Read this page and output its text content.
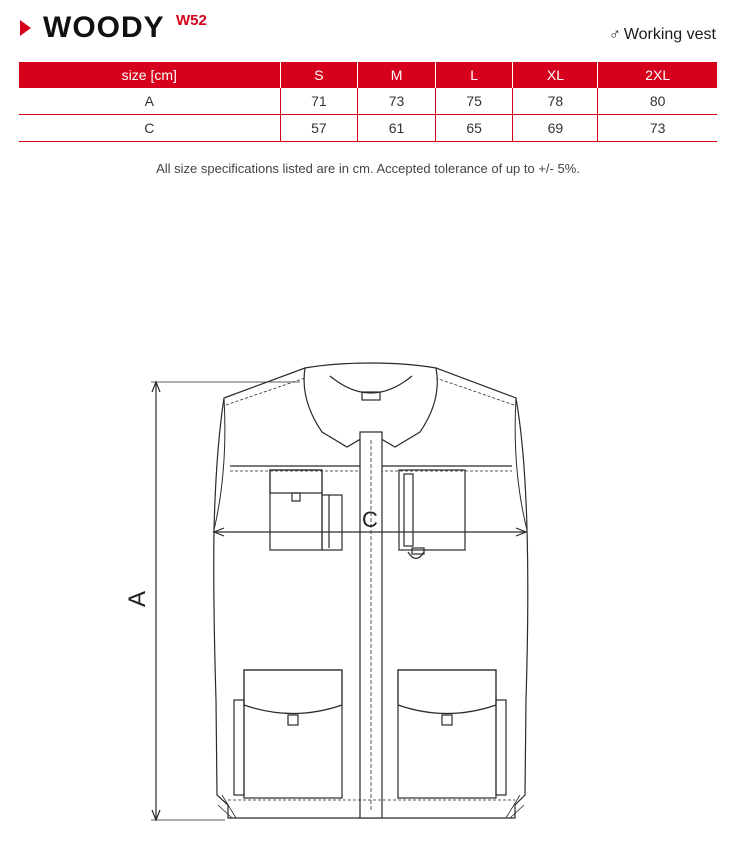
WOODY W52
♂ Working vest
size [cm]	S	M	L	XL	2XL
A	71	73	75	78	80
C	57	61	65	69	73
All size specifications listed are in cm. Accepted tolerance of up to +/- 5%.
A
C
